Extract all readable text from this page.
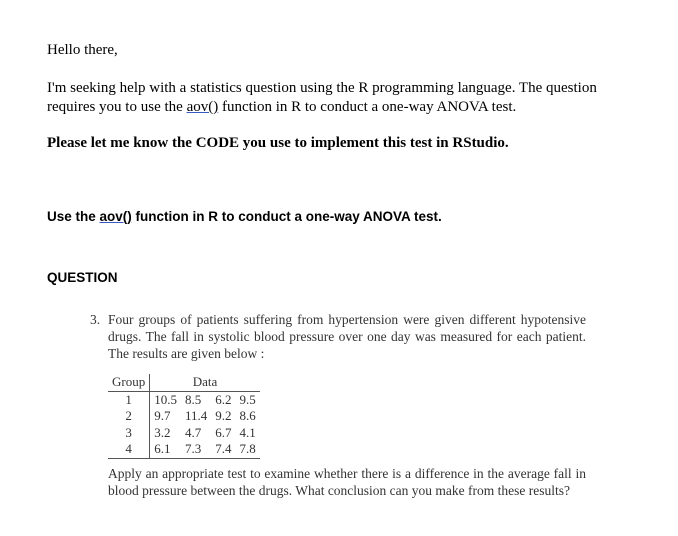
Hello there,
I'm seeking help with a statistics question using the R programming language. The question requires you to use the aov() function in R to conduct a one-way ANOVA test.
Please let me know the CODE you use to implement this test in RStudio.
Use the aov() function in R to conduct a one-way ANOVA test.
QUESTION
3. Four groups of patients suffering from hypertension were given different hypotensive drugs. The fall in systolic blood pressure over one day was measured for each patient. The results are given below :
Group	Data			
1	10.5	8.5	6.2	9.5
2	9.7	11.4	9.2	8.6
3	3.2	4.7	6.7	4.1
4	6.1	7.3	7.4	7.8
Apply an appropriate test to examine whether there is a difference in the average fall in blood pressure between the drugs. What conclusion can you make from these results?
